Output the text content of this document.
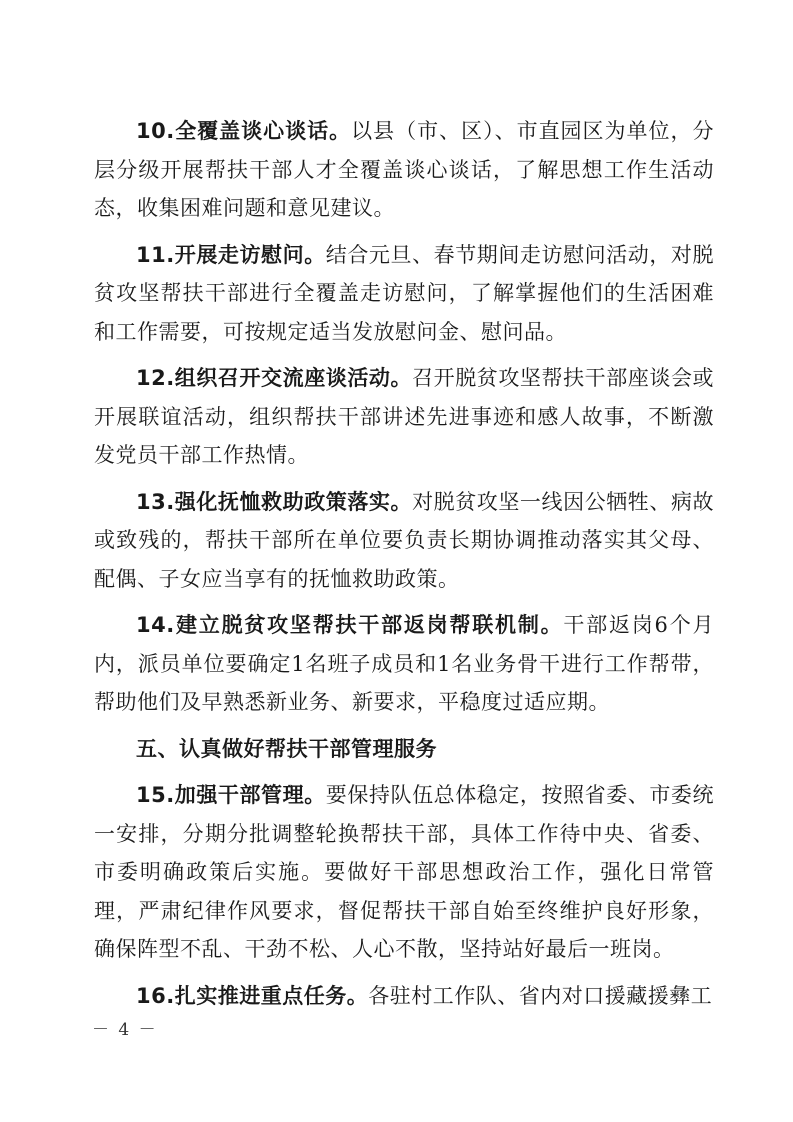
10.全覆盖谈心谈话。以县（市、区）、市直园区为单位，分层分级开展帮扶干部人才全覆盖谈心谈话，了解思想工作生活动态，收集困难问题和意见建议。

11.开展走访慰问。结合元旦、春节期间走访慰问活动，对脱贫攻坚帮扶干部进行全覆盖走访慰问，了解掌握他们的生活困难和工作需要，可按规定适当发放慰问金、慰问品。

12.组织召开交流座谈活动。召开脱贫攻坚帮扶干部座谈会或开展联谊活动，组织帮扶干部讲述先进事迹和感人故事，不断激发党员干部工作热情。

13.强化抚恤救助政策落实。对脱贫攻坚一线因公牺牲、病故或致残的，帮扶干部所在单位要负责长期协调推动落实其父母、配偶、子女应当享有的抚恤救助政策。

14.建立脱贫攻坚帮扶干部返岗帮联机制。干部返岗6个月内，派员单位要确定1名班子成员和1名业务骨干进行工作帮带，帮助他们及早熟悉新业务、新要求，平稳度过适应期。

五、认真做好帮扶干部管理服务

15.加强干部管理。要保持队伍总体稳定，按照省委、市委统一安排，分期分批调整轮换帮扶干部，具体工作待中央、省委、市委明确政策后实施。要做好干部思想政治工作，强化日常管理，严肃纪律作风要求，督促帮扶干部自始至终维护良好形象，确保阵型不乱、干劲不松、人心不散，坚持站好最后一班岗。

16.扎实推进重点任务。各驻村工作队、省内对口援藏援彝工

－ 4 －
